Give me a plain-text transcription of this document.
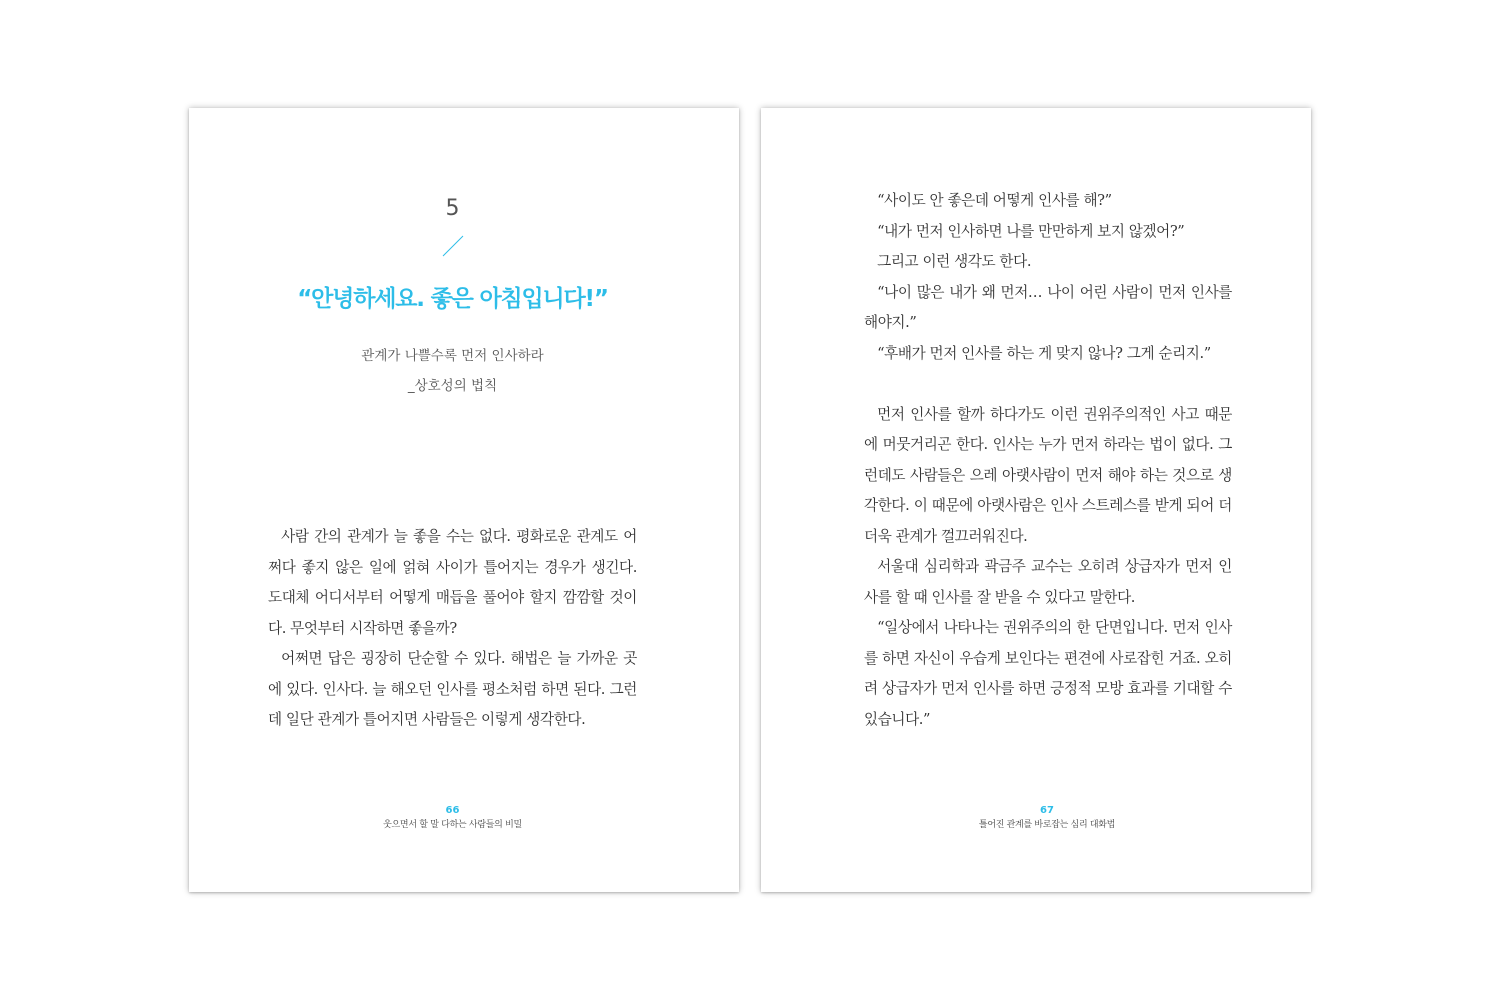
5
“안녕하세요. 좋은 아침입니다!”
관계가 나쁠수록 먼저 인사하라
_상호성의 법칙

사람 간의 관계가 늘 좋을 수는 없다. 평화로운 관계도 어쩌다 좋지 않은 일에 얽혀 사이가 틀어지는 경우가 생긴다. 도대체 어디서부터 어떻게 매듭을 풀어야 할지 깜깜할 것이다. 무엇부터 시작하면 좋을까?

어쩌면 답은 굉장히 단순할 수 있다. 해법은 늘 가까운 곳에 있다. 인사다. 늘 해오던 인사를 평소처럼 하면 된다. 그런데 일단 관계가 틀어지면 사람들은 이렇게 생각한다.

66
웃으면서 할 말 다하는 사람들의 비밀

“사이도 안 좋은데 어떻게 인사를 해?”

“내가 먼저 인사하면 나를 만만하게 보지 않겠어?”

그리고 이런 생각도 한다.

“나이 많은 내가 왜 먼저… 나이 어린 사람이 먼저 인사를 해야지.”

“후배가 먼저 인사를 하는 게 맞지 않나? 그게 순리지.”

먼저 인사를 할까 하다가도 이런 권위주의적인 사고 때문에 머뭇거리곤 한다. 인사는 누가 먼저 하라는 법이 없다. 그런데도 사람들은 으레 아랫사람이 먼저 해야 하는 것으로 생각한다. 이 때문에 아랫사람은 인사 스트레스를 받게 되어 더더욱 관계가 껄끄러워진다.

서울대 심리학과 곽금주 교수는 오히려 상급자가 먼저 인사를 할 때 인사를 잘 받을 수 있다고 말한다.

“일상에서 나타나는 권위주의의 한 단면입니다. 먼저 인사를 하면 자신이 우습게 보인다는 편견에 사로잡힌 거죠. 오히려 상급자가 먼저 인사를 하면 긍정적 모방 효과를 기대할 수 있습니다.”

67
틀어진 관계를 바로잡는 심리 대화법
